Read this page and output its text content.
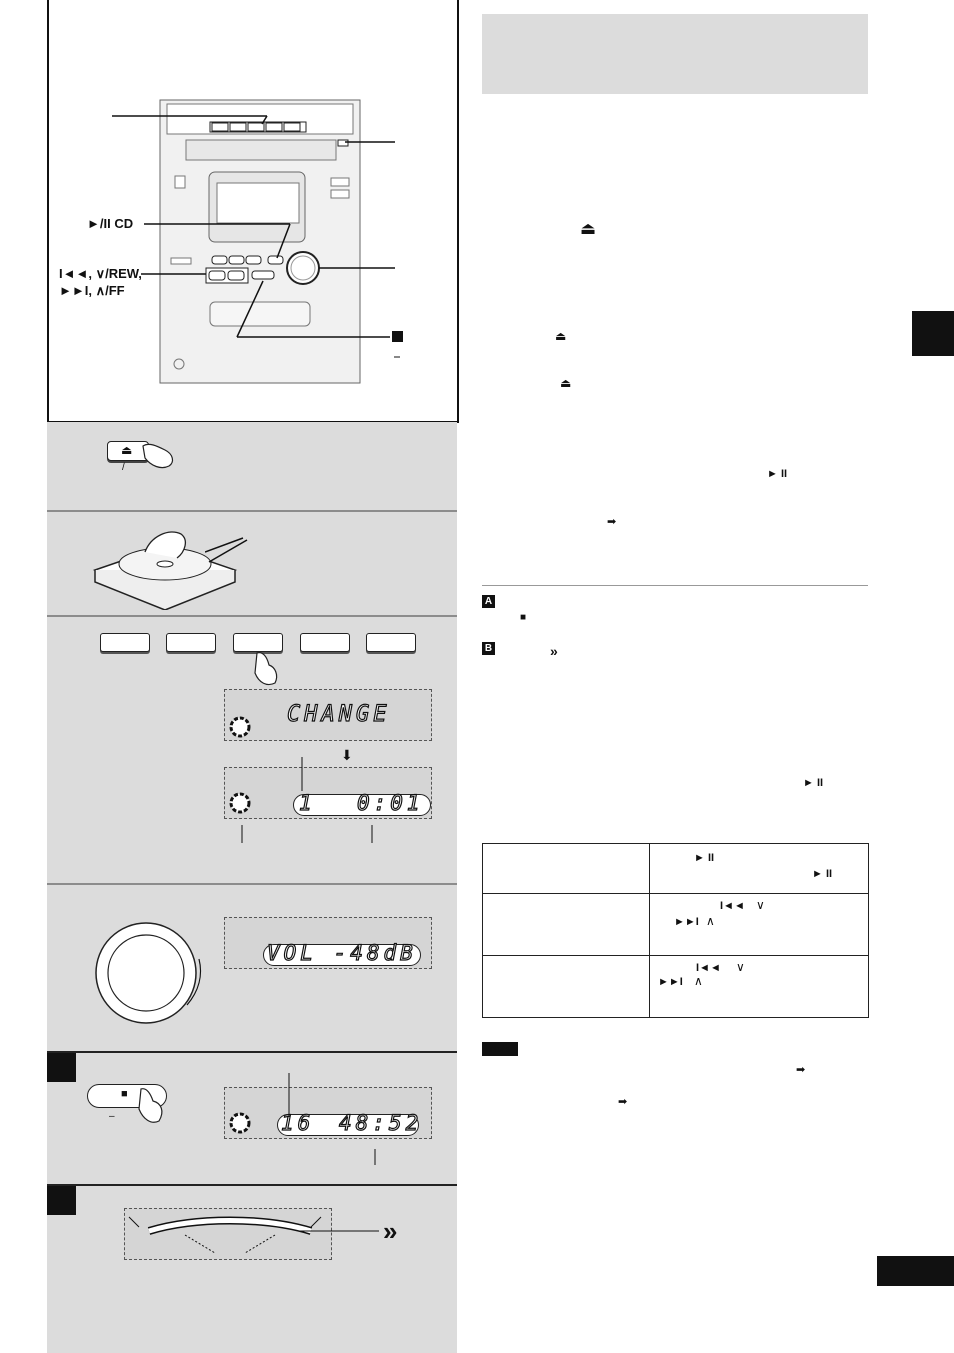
►/II CD
I◄◄, ∨/REW,
►►I, ∧/FF
⏏
/
CHANGE
⬇
1 0:01
VOL -48dB
■
–	16 48:52
»
⏏
⏏
⏏
► II
➡
A
■
B	»
► II

	► II
► II

	I◄◄ ∨
►►I ∧

	I◄◄ ∨
►►I ∧
Note
➡
➡
